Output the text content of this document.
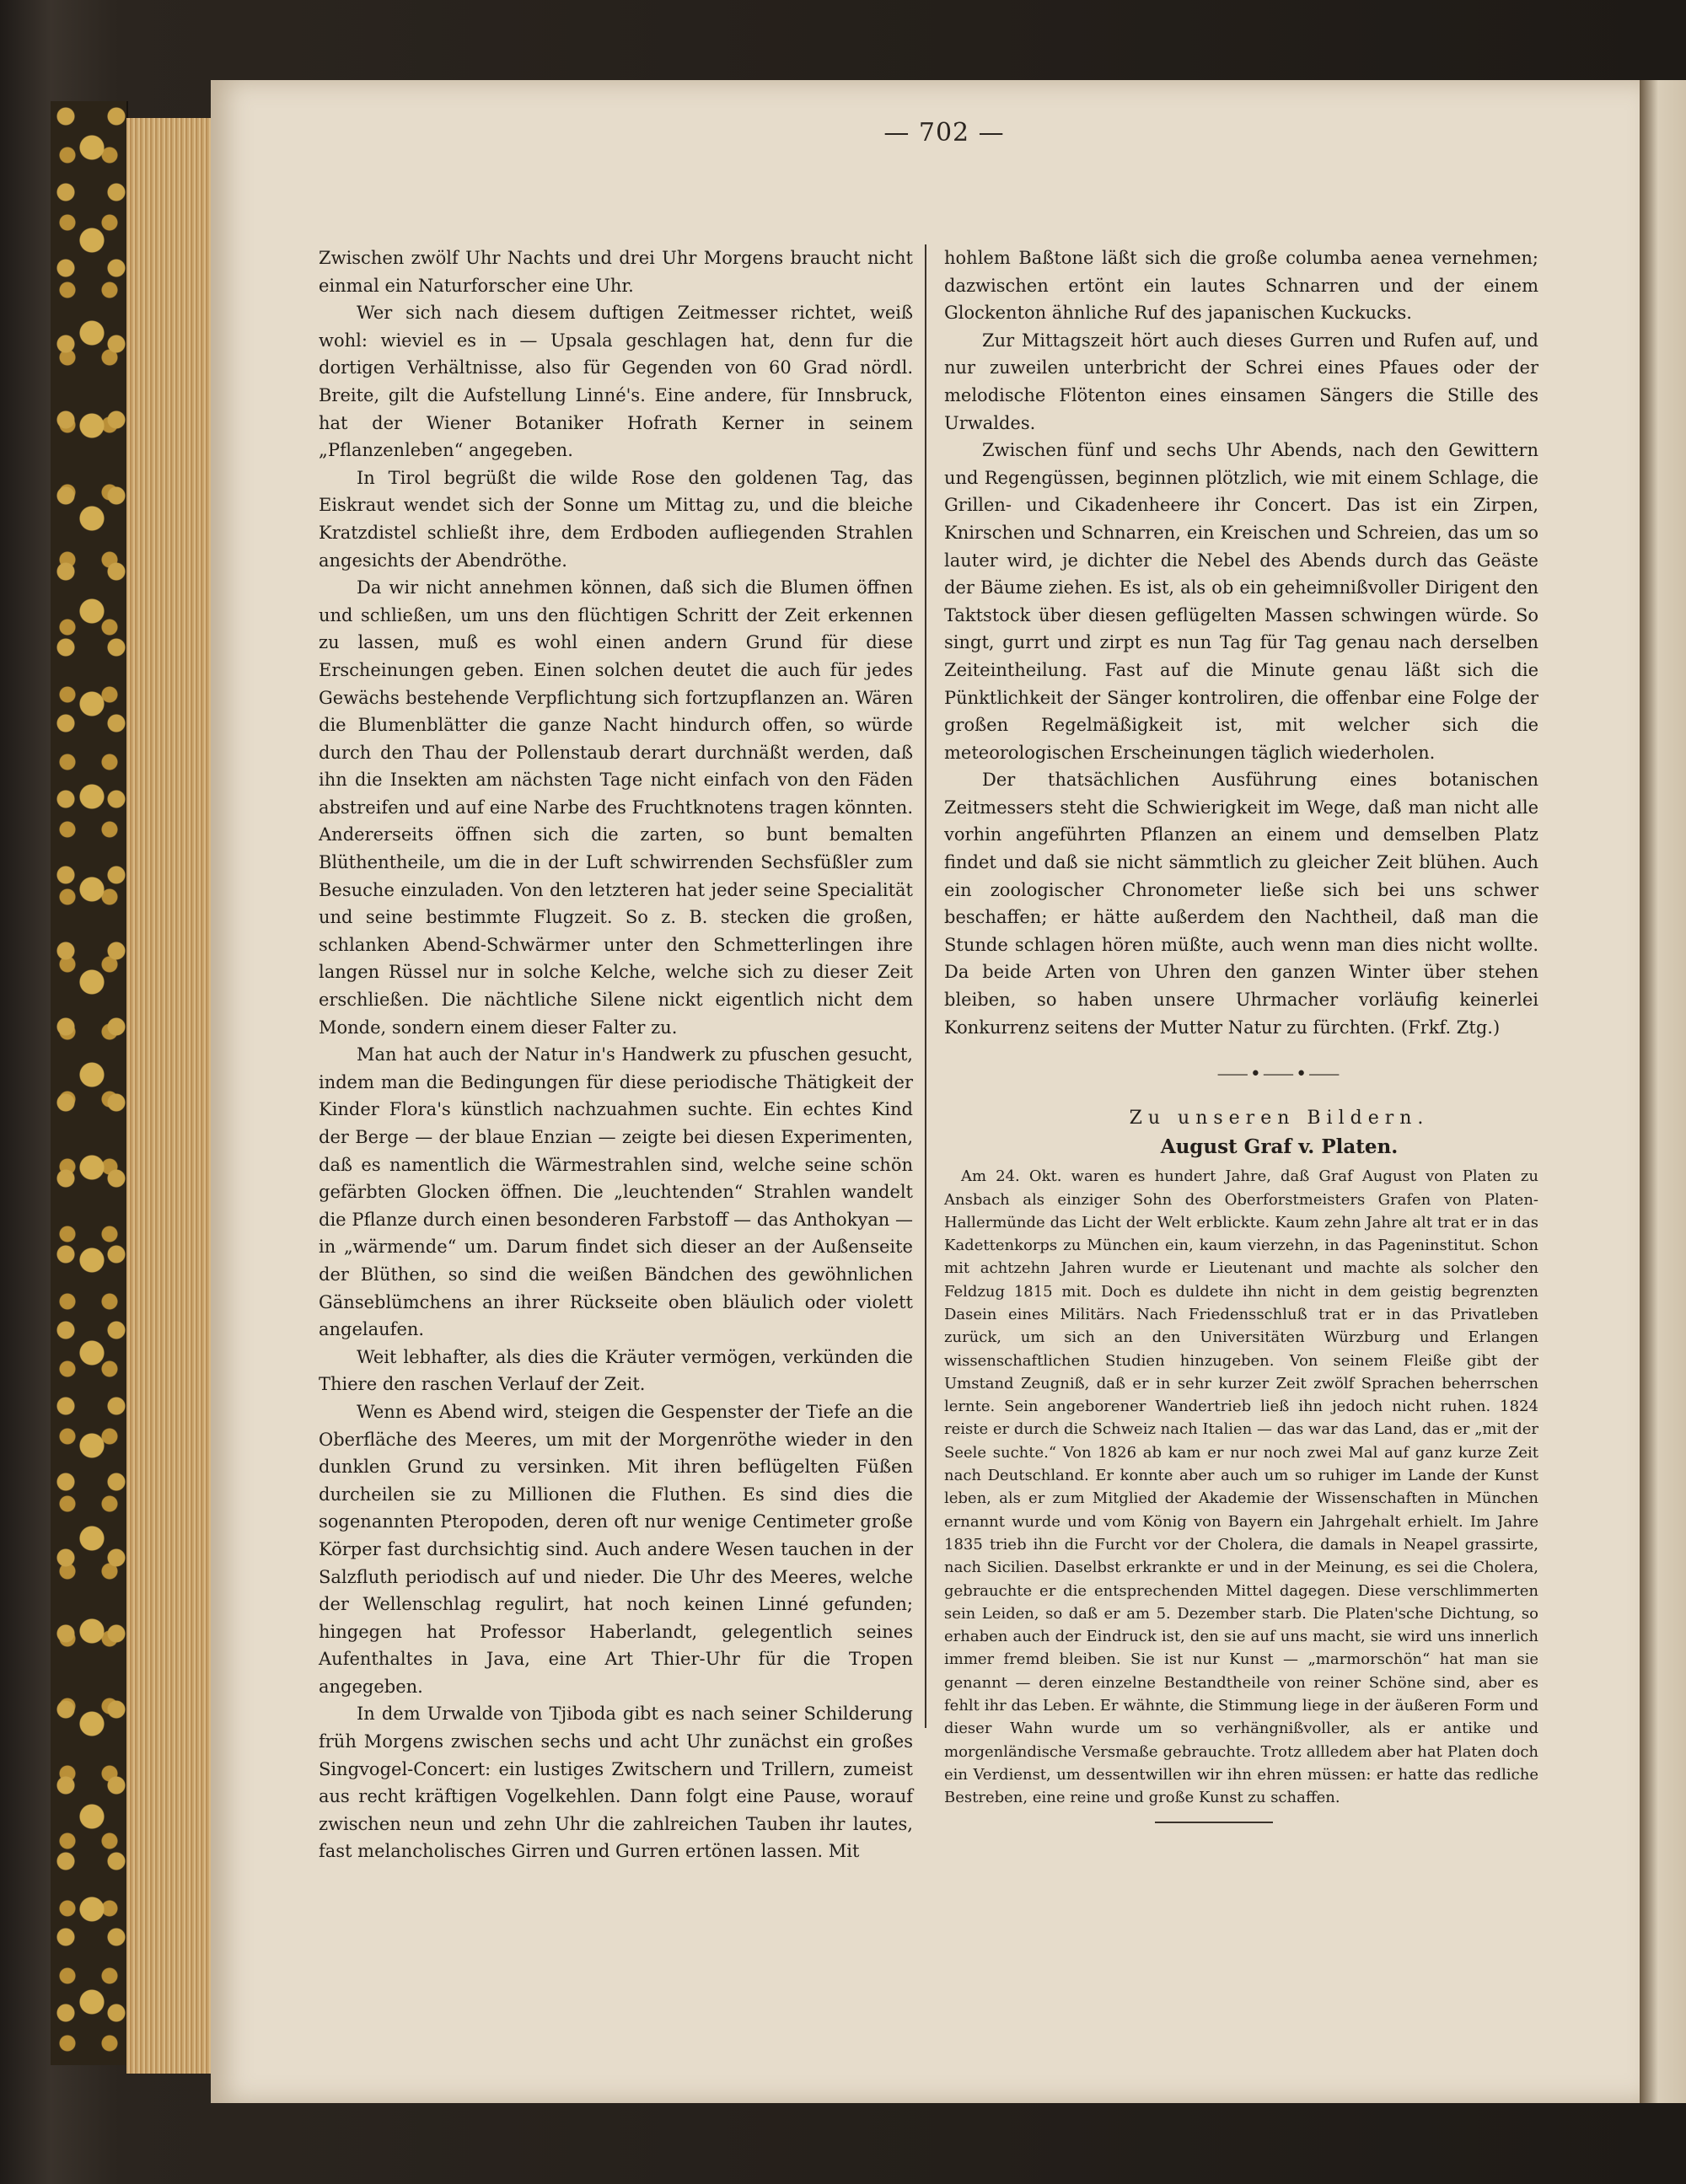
— 702 —

Zwischen zwölf Uhr Nachts und drei Uhr Morgens braucht nicht einmal ein Naturforscher eine Uhr.

Wer sich nach diesem duftigen Zeitmesser richtet, weiß wohl: wieviel es in — Upsala geschlagen hat, denn fur die dortigen Verhältnisse, also für Gegenden von 60 Grad nördl. Breite, gilt die Aufstellung Linné's. Eine andere, für Innsbruck, hat der Wiener Botaniker Hofrath Kerner in seinem „Pflanzenleben“ angegeben.

In Tirol begrüßt die wilde Rose den goldenen Tag, das Eiskraut wendet sich der Sonne um Mittag zu, und die bleiche Kratzdistel schließt ihre, dem Erdboden aufliegenden Strahlen angesichts der Abendröthe.

Da wir nicht annehmen können, daß sich die Blumen öffnen und schließen, um uns den flüchtigen Schritt der Zeit erkennen zu lassen, muß es wohl einen andern Grund für diese Erscheinungen geben. Einen solchen deutet die auch für jedes Gewächs bestehende Verpflichtung sich fortzupflanzen an. Wären die Blumenblätter die ganze Nacht hindurch offen, so würde durch den Thau der Pollenstaub derart durchnäßt werden, daß ihn die Insekten am nächsten Tage nicht einfach von den Fäden abstreifen und auf eine Narbe des Fruchtknotens tragen könnten. Andererseits öffnen sich die zarten, so bunt bemalten Blüthentheile, um die in der Luft schwirrenden Sechsfüßler zum Besuche einzuladen. Von den letzteren hat jeder seine Specialität und seine bestimmte Flugzeit. So z. B. stecken die großen, schlanken Abend-Schwärmer unter den Schmetterlingen ihre langen Rüssel nur in solche Kelche, welche sich zu dieser Zeit erschließen. Die nächtliche Silene nickt eigentlich nicht dem Monde, sondern einem dieser Falter zu.

Man hat auch der Natur in's Handwerk zu pfuschen gesucht, indem man die Bedingungen für diese periodische Thätigkeit der Kinder Flora's künstlich nachzuahmen suchte. Ein echtes Kind der Berge — der blaue Enzian — zeigte bei diesen Experimenten, daß es namentlich die Wärmestrahlen sind, welche seine schön gefärbten Glocken öffnen. Die „leuchtenden“ Strahlen wandelt die Pflanze durch einen besonderen Farbstoff — das Anthokyan — in „wärmende“ um. Darum findet sich dieser an der Außenseite der Blüthen, so sind die weißen Bändchen des gewöhnlichen Gänseblümchens an ihrer Rückseite oben bläulich oder violett angelaufen.

Weit lebhafter, als dies die Kräuter vermögen, verkünden die Thiere den raschen Verlauf der Zeit.

Wenn es Abend wird, steigen die Gespenster der Tiefe an die Oberfläche des Meeres, um mit der Morgenröthe wieder in den dunklen Grund zu versinken. Mit ihren beflügelten Füßen durcheilen sie zu Millionen die Fluthen. Es sind dies die sogenannten Pteropoden, deren oft nur wenige Centimeter große Körper fast durchsichtig sind. Auch andere Wesen tauchen in der Salzfluth periodisch auf und nieder. Die Uhr des Meeres, welche der Wellenschlag regulirt, hat noch keinen Linné gefunden; hingegen hat Professor Haberlandt, gelegentlich seines Aufenthaltes in Java, eine Art Thier-Uhr für die Tropen angegeben.

In dem Urwalde von Tjiboda gibt es nach seiner Schilderung früh Morgens zwischen sechs und acht Uhr zunächst ein großes Singvogel-Concert: ein lustiges Zwitschern und Trillern, zumeist aus recht kräftigen Vogelkehlen. Dann folgt eine Pause, worauf zwischen neun und zehn Uhr die zahlreichen Tauben ihr lautes, fast melancholisches Girren und Gurren ertönen lassen. Mit

hohlem Baßtone läßt sich die große columba aenea vernehmen; dazwischen ertönt ein lautes Schnarren und der einem Glockenton ähnliche Ruf des japanischen Kuckucks.

Zur Mittagszeit hört auch dieses Gurren und Rufen auf, und nur zuweilen unterbricht der Schrei eines Pfaues oder der melodische Flötenton eines einsamen Sängers die Stille des Urwaldes.

Zwischen fünf und sechs Uhr Abends, nach den Gewittern und Regengüssen, beginnen plötzlich, wie mit einem Schlage, die Grillen- und Cikadenheere ihr Concert. Das ist ein Zirpen, Knirschen und Schnarren, ein Kreischen und Schreien, das um so lauter wird, je dichter die Nebel des Abends durch das Geäste der Bäume ziehen. Es ist, als ob ein geheimnißvoller Dirigent den Taktstock über diesen geflügelten Massen schwingen würde. So singt, gurrt und zirpt es nun Tag für Tag genau nach derselben Zeiteintheilung. Fast auf die Minute genau läßt sich die Pünktlichkeit der Sänger kontroliren, die offenbar eine Folge der großen Regelmäßigkeit ist, mit welcher sich die meteorologischen Erscheinungen täglich wiederholen.

Der thatsächlichen Ausführung eines botanischen Zeitmessers steht die Schwierigkeit im Wege, daß man nicht alle vorhin angeführten Pflanzen an einem und demselben Platz findet und daß sie nicht sämmtlich zu gleicher Zeit blühen. Auch ein zoologischer Chronometer ließe sich bei uns schwer beschaffen; er hätte außerdem den Nachtheil, daß man die Stunde schlagen hören müßte, auch wenn man dies nicht wollte. Da beide Arten von Uhren den ganzen Winter über stehen bleiben, so haben unsere Uhrmacher vorläufig keinerlei Konkurrenz seitens der Mutter Natur zu fürchten. (Frkf. Ztg.)

⸺•⸺•⸺
Zu unseren Bildern.
August Graf v. Platen.

Am 24. Okt. waren es hundert Jahre, daß Graf August von Platen zu Ansbach als einziger Sohn des Oberforstmeisters Grafen von Platen-Hallermünde das Licht der Welt erblickte. Kaum zehn Jahre alt trat er in das Kadettenkorps zu München ein, kaum vierzehn, in das Pageninstitut. Schon mit achtzehn Jahren wurde er Lieutenant und machte als solcher den Feldzug 1815 mit. Doch es duldete ihn nicht in dem geistig begrenzten Dasein eines Militärs. Nach Friedensschluß trat er in das Privatleben zurück, um sich an den Universitäten Würzburg und Erlangen wissenschaftlichen Studien hinzugeben. Von seinem Fleiße gibt der Umstand Zeugniß, daß er in sehr kurzer Zeit zwölf Sprachen beherrschen lernte. Sein angeborener Wandertrieb ließ ihn jedoch nicht ruhen. 1824 reiste er durch die Schweiz nach Italien — das war das Land, das er „mit der Seele suchte.“ Von 1826 ab kam er nur noch zwei Mal auf ganz kurze Zeit nach Deutschland. Er konnte aber auch um so ruhiger im Lande der Kunst leben, als er zum Mitglied der Akademie der Wissenschaften in München ernannt wurde und vom König von Bayern ein Jahrgehalt erhielt. Im Jahre 1835 trieb ihn die Furcht vor der Cholera, die damals in Neapel grassirte, nach Sicilien. Daselbst erkrankte er und in der Meinung, es sei die Cholera, gebrauchte er die entsprechenden Mittel dagegen. Diese verschlimmerten sein Leiden, so daß er am 5. Dezember starb. Die Platen'sche Dichtung, so erhaben auch der Eindruck ist, den sie auf uns macht, sie wird uns innerlich immer fremd bleiben. Sie ist nur Kunst — „marmorschön“ hat man sie genannt — deren einzelne Bestandtheile von reiner Schöne sind, aber es fehlt ihr das Leben. Er wähnte, die Stimmung liege in der äußeren Form und dieser Wahn wurde um so verhängnißvoller, als er antike und morgenländische Versmaße gebrauchte. Trotz allledem aber hat Platen doch ein Verdienst, um dessentwillen wir ihn ehren müssen: er hatte das redliche Bestreben, eine reine und große Kunst zu schaffen.
